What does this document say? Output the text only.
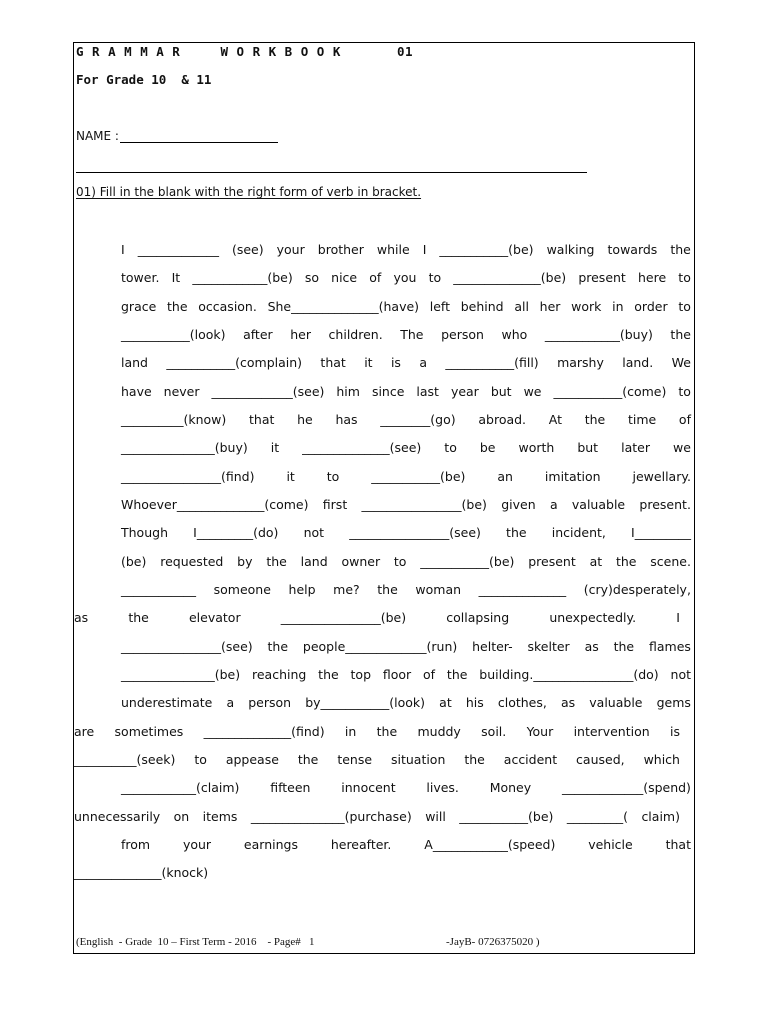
G R A M M A R     W O R K B O O K       01
For Grade 10  & 11
NAME :
01) Fill in the blank with the right form of verb in bracket.
I _____________ (see) your brother while I ___________(be) walking towards the
tower. It ____________(be) so nice of you to ______________(be) present here to
grace the occasion. She______________(have) left behind all her work in order to
___________(look) after her children. The person who ____________(buy) the
land ___________(complain) that it is a ___________(fill) marshy land. We
have never _____________(see) him since last year but we ___________(come) to
__________(know) that he has ________(go) abroad. At the time of
_______________(buy) it ______________(see) to be worth but later we
________________(find)	it	to	___________(be)	an	imitation	jewellary.
Whoever______________(come) first ________________(be) given a valuable present.
Though I_________(do) not ________________(see) the incident, I_________
(be) requested by the land owner to ___________(be) present at the scene.
____________ someone help me? the woman ______________ (cry)desperately,
as	the	elevator	________________(be)	collapsing	unexpectedly.	I
________________(see) the people_____________(run) helter- skelter as the flames
_______________(be) reaching the top floor of the building.________________(do) not
underestimate a person by___________(look) at his clothes, as valuable gems
are sometimes ______________(find) in the muddy soil. Your intervention is
__________(seek) to appease the tense situation the accident caused, which
____________(claim) fifteen innocent lives. Money _____________(spend)
unnecessarily on items _______________(purchase) will ___________(be) _________( claim)
from	your	earnings	hereafter.	A____________(speed)	vehicle	that
______________(knock)
(English  - Grade  10 – First Term - 2016    - Page#   1	-JayB- 0726375020 )
